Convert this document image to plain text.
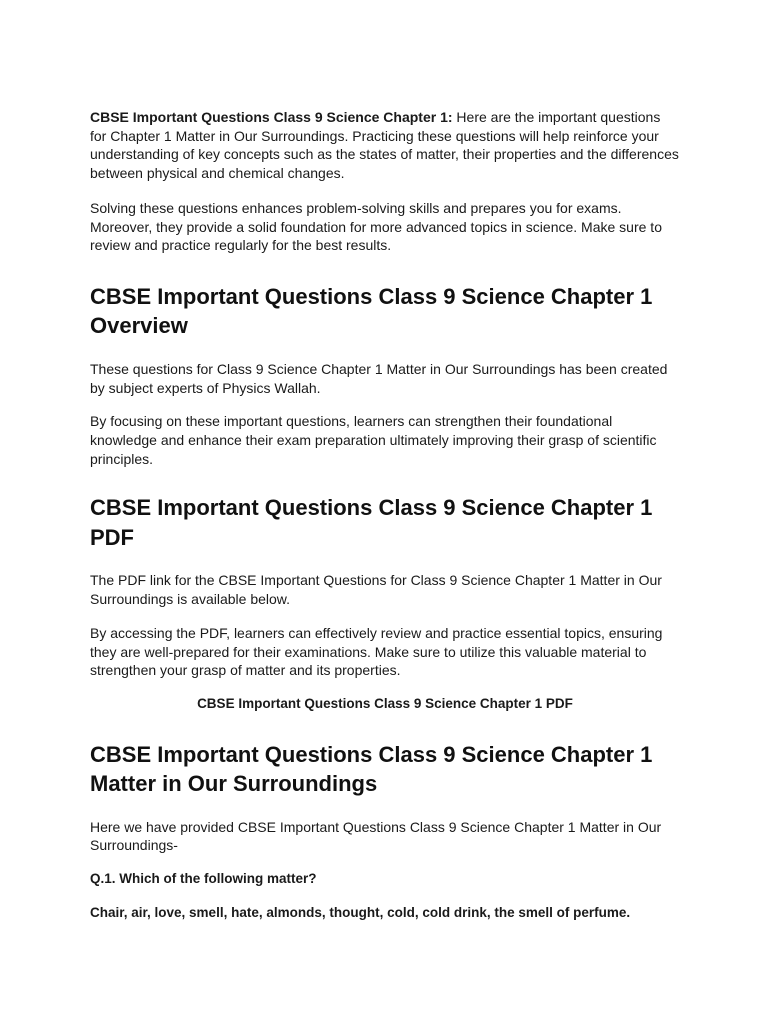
CBSE Important Questions Class 9 Science Chapter 1: Here are the important questions for Chapter 1 Matter in Our Surroundings. Practicing these questions will help reinforce your understanding of key concepts such as the states of matter, their properties and the differences between physical and chemical changes.

Solving these questions enhances problem-solving skills and prepares you for exams. Moreover, they provide a solid foundation for more advanced topics in science. Make sure to review and practice regularly for the best results.

CBSE Important Questions Class 9 Science Chapter 1 Overview

These questions for Class 9 Science Chapter 1 Matter in Our Surroundings has been created by subject experts of Physics Wallah.

By focusing on these important questions, learners can strengthen their foundational knowledge and enhance their exam preparation ultimately improving their grasp of scientific principles.

CBSE Important Questions Class 9 Science Chapter 1 PDF

The PDF link for the CBSE Important Questions for Class 9 Science Chapter 1 Matter in Our Surroundings is available below.

By accessing the PDF, learners can effectively review and practice essential topics, ensuring they are well-prepared for their examinations. Make sure to utilize this valuable material to strengthen your grasp of matter and its properties.

CBSE Important Questions Class 9 Science Chapter 1 PDF

CBSE Important Questions Class 9 Science Chapter 1 Matter in Our Surroundings

Here we have provided CBSE Important Questions Class 9 Science Chapter 1 Matter in Our Surroundings-

Q.1. Which of the following matter?

Chair, air, love, smell, hate, almonds, thought, cold, cold drink, the smell of perfume.
